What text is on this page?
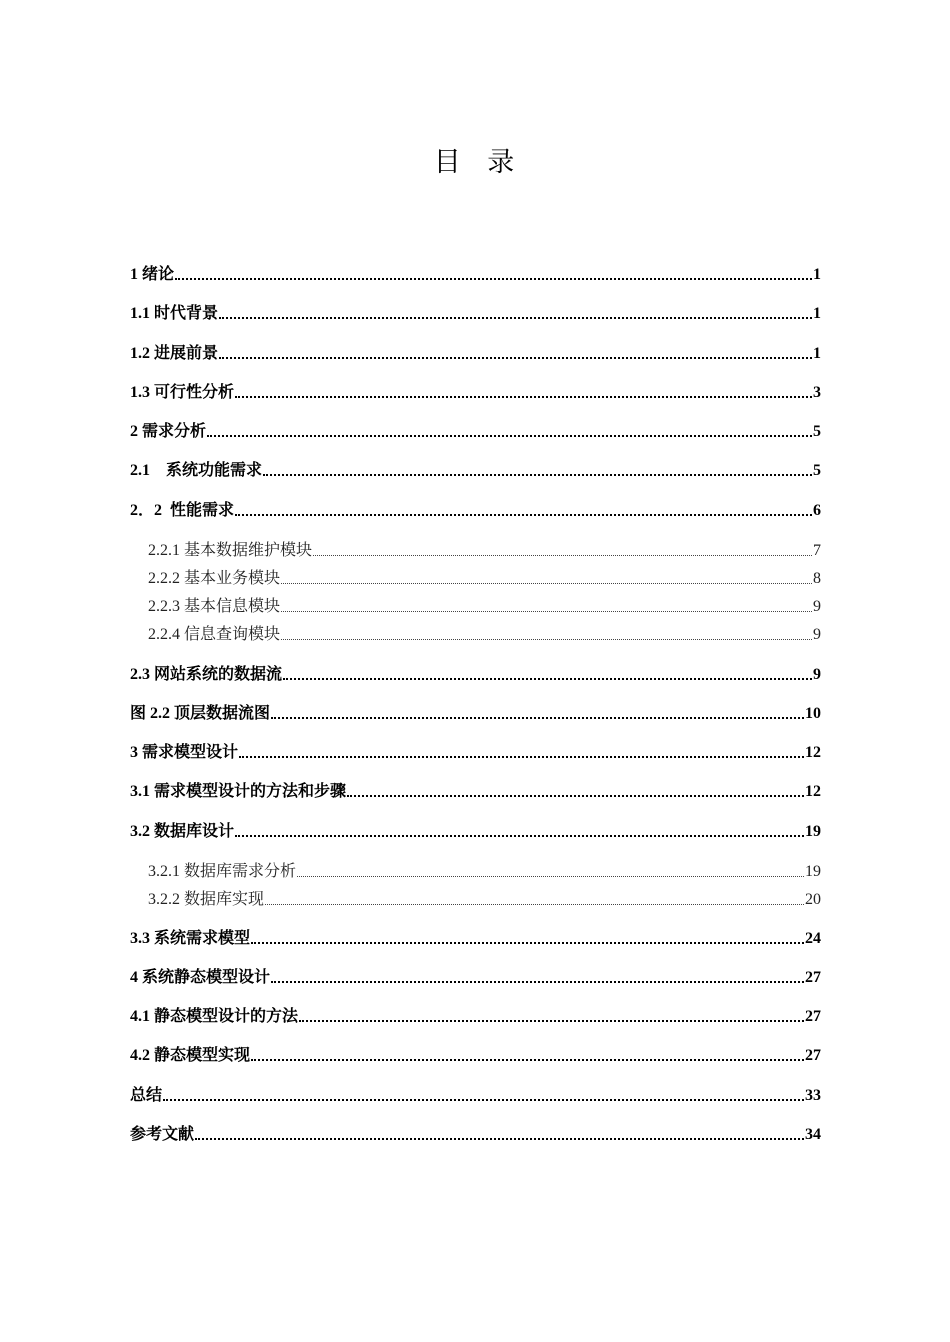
目 录
1 绪论	1
1.1 时代背景	1
1.2 进展前景	1
1.3 可行性分析	3
2 需求分析	5
2.1    系统功能需求	5
2．2  性能需求	6
2.2.1 基本数据维护模块	7
2.2.2 基本业务模块	8
2.2.3 基本信息模块	9
2.2.4 信息查询模块	9
2.3 网站系统的数据流	9
图 2.2 顶层数据流图	10
3 需求模型设计	12
3.1 需求模型设计的方法和步骤	12
3.2 数据库设计	19
3.2.1 数据库需求分析	19
3.2.2 数据库实现	20
3.3 系统需求模型	24
4 系统静态模型设计	27
4.1 静态模型设计的方法	27
4.2 静态模型实现	27
总结	33
参考文献	34
